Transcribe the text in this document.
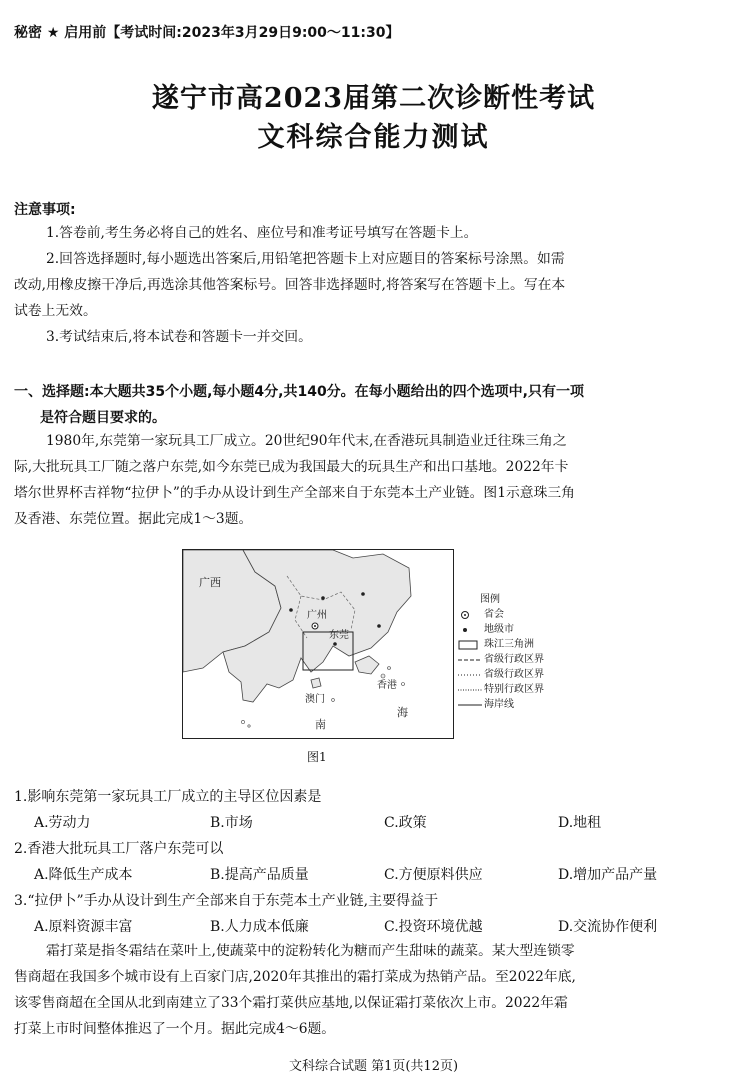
秘密 ★ 启用前【考试时间:2023年3月29日9:00～11:30】
遂宁市高2023届第二次诊断性考试
文科综合能力测试
注意事项:
1.答卷前,考生务必将自己的姓名、座位号和准考证号填写在答题卡上。
2.回答选择题时,每小题选出答案后,用铅笔把答题卡上对应题目的答案标号涂黑。如需
改动,用橡皮擦干净后,再选涂其他答案标号。回答非选择题时,将答案写在答题卡上。写在本
试卷上无效。
3.考试结束后,将本试卷和答题卡一并交回。
一、选择题:本大题共35个小题,每小题4分,共140分。在每小题给出的四个选项中,只有一项
是符合题目要求的。
1980年,东莞第一家玩具工厂成立。20世纪90年代末,在香港玩具制造业迁往珠三角之
际,大批玩具工厂随之落户东莞,如今东莞已成为我国最大的玩具生产和出口基地。2022年卡
塔尔世界杯吉祥物“拉伊卜”的手办从设计到生产全部来自于东莞本土产业链。图1示意珠三角
及香港、东莞位置。据此完成1～3题。
广西
广州
东莞
香港
澳门
南
海
图例
省会
地级市
珠江三角洲
省级行政区界
省级行政区界
特别行政区界
海岸线
图1
1.影响东莞第一家玩具工厂成立的主导区位因素是
A.劳动力	B.市场	C.政策	D.地租
2.香港大批玩具工厂落户东莞可以
A.降低生产成本	B.提高产品质量	C.方便原料供应	D.增加产品产量
3.“拉伊卜”手办从设计到生产全部来自于东莞本土产业链,主要得益于
A.原料资源丰富	B.人力成本低廉	C.投资环境优越	D.交流协作便利
霜打菜是指冬霜结在菜叶上,使蔬菜中的淀粉转化为糖而产生甜味的蔬菜。某大型连锁零
售商超在我国多个城市设有上百家门店,2020年其推出的霜打菜成为热销产品。至2022年底,
该零售商超在全国从北到南建立了33个霜打菜供应基地,以保证霜打菜依次上市。2022年霜
打菜上市时间整体推迟了一个月。据此完成4～6题。
文科综合试题 第1页(共12页)
